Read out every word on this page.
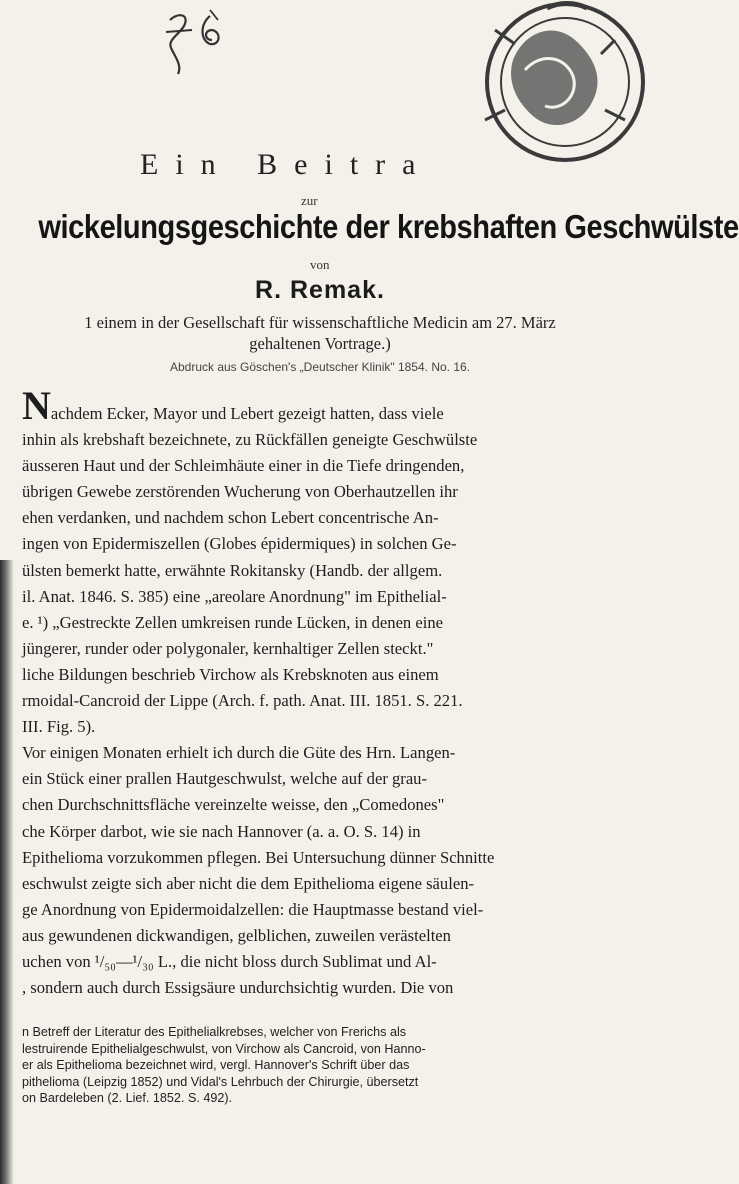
Ein Beitra
zur
wickelungsgeschichte der krebshaften Geschwülste
von
R. Remak.
1 einem in der Gesellschaft für wissenschaftliche Medicin am 27. März
gehaltenen Vortrage.)
Abdruck aus Göschen's „Deutscher Klinik" 1854. No. 16.
Nachdem Ecker, Mayor und Lebert gezeigt hatten, dass viele
inhin als krebshaft bezeichnete, zu Rückfällen geneigte Geschwülste
äusseren Haut und der Schleimhäute einer in die Tiefe dringenden,
übrigen Gewebe zerstörenden Wucherung von Oberhautzellen ihr
ehen verdanken, und nachdem schon Lebert concentrische An-
ingen von Epidermiszellen (Globes épidermiques) in solchen Ge-
ülsten bemerkt hatte, erwähnte Rokitansky (Handb. der allgem.
il. Anat. 1846. S. 385) eine „areolare Anordnung" im Epithelial-
e. ¹) „Gestreckte Zellen umkreisen runde Lücken, in denen eine
jüngerer, runder oder polygonaler, kernhaltiger Zellen steckt."
liche Bildungen beschrieb Virchow als Krebsknoten aus einem
rmoidal-Cancroid der Lippe (Arch. f. path. Anat. III. 1851. S. 221.
III. Fig. 5).
Vor einigen Monaten erhielt ich durch die Güte des Hrn. Langen-
ein Stück einer prallen Hautgeschwulst, welche auf der grau-
chen Durchschnittsfläche vereinzelte weisse, den „Comedones"
che Körper darbot, wie sie nach Hannover (a. a. O. S. 14) in
Epithelioma vorzukommen pflegen. Bei Untersuchung dünner Schnitte
eschwulst zeigte sich aber nicht die dem Epithelioma eigene säulen-
ge Anordnung von Epidermoidalzellen: die Hauptmasse bestand viel-
aus gewundenen dickwandigen, gelblichen, zuweilen verästelten
uchen von ¹/₅₀—¹/₃₀ L., die nicht bloss durch Sublimat und Al-
, sondern auch durch Essigsäure undurchsichtig wurden. Die von
n Betreff der Literatur des Epithelialkrebses, welcher von Frerichs als
lestruirende Epithelialgeschwulst, von Virchow als Cancroid, von Hanno-
er als Epithelioma bezeichnet wird, vergl. Hannover's Schrift über das
pithelioma (Leipzig 1852) und Vidal's Lehrbuch der Chirurgie, übersetzt
on Bardeleben (2. Lief. 1852. S. 492).
